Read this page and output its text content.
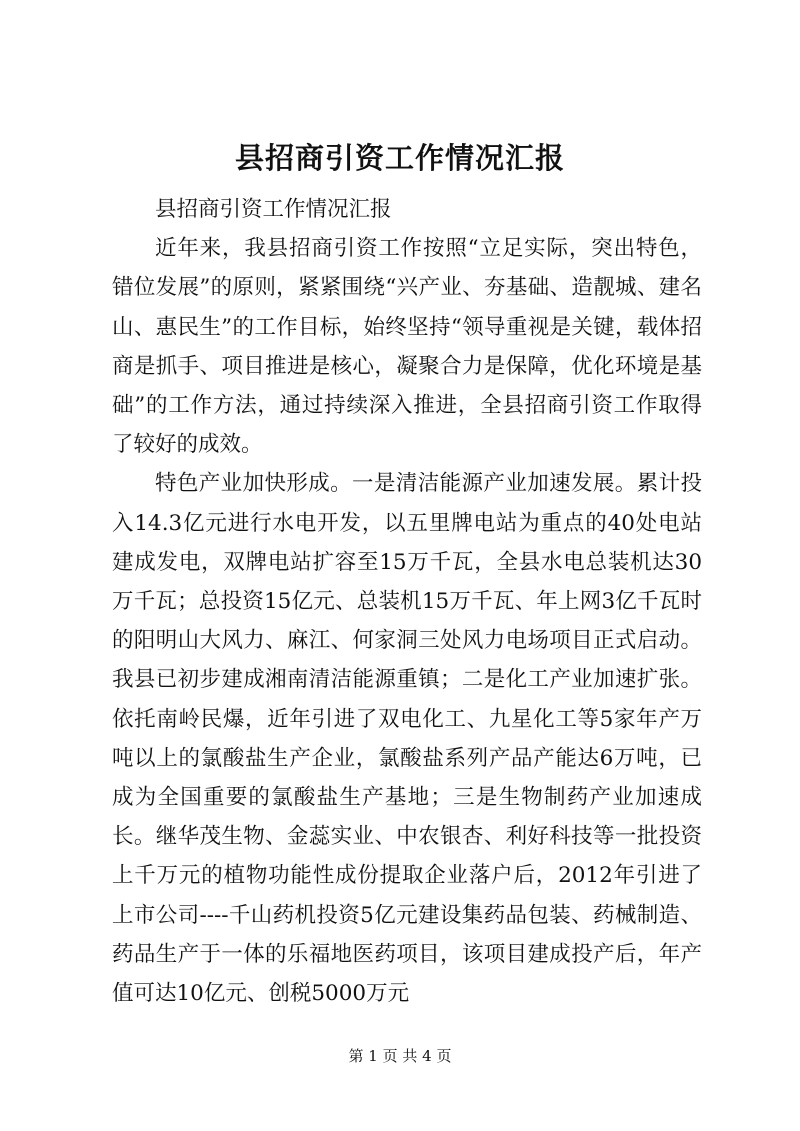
县招商引资工作情况汇报

县招商引资工作情况汇报

近年来，我县招商引资工作按照“立足实际，突出特色，错位发展”的原则，紧紧围绕“兴产业、夯基础、造靓城、建名山、惠民生”的工作目标，始终坚持“领导重视是关键，载体招商是抓手、项目推进是核心，凝聚合力是保障，优化环境是基础”的工作方法，通过持续深入推进，全县招商引资工作取得了较好的成效。

特色产业加快形成。一是清洁能源产业加速发展。累计投入14.3亿元进行水电开发，以五里牌电站为重点的40处电站建成发电，双牌电站扩容至15万千瓦，全县水电总装机达30万千瓦；总投资15亿元、总装机15万千瓦、年上网3亿千瓦时的阳明山大风力、麻江、何家洞三处风力电场项目正式启动。我县已初步建成湘南清洁能源重镇；二是化工产业加速扩张。依托南岭民爆，近年引进了双电化工、九星化工等5家年产万吨以上的氯酸盐生产企业，氯酸盐系列产品产能达6万吨，已成为全国重要的氯酸盐生产基地；三是生物制药产业加速成长。继华茂生物、金蕊实业、中农银杏、利好科技等一批投资上千万元的植物功能性成份提取企业落户后，2012年引进了上市公司----千山药机投资5亿元建设集药品包装、药械制造、药品生产于一体的乐福地医药项目，该项目建成投产后，年产值可达10亿元、创税5000万元

第 1 页 共 4 页
